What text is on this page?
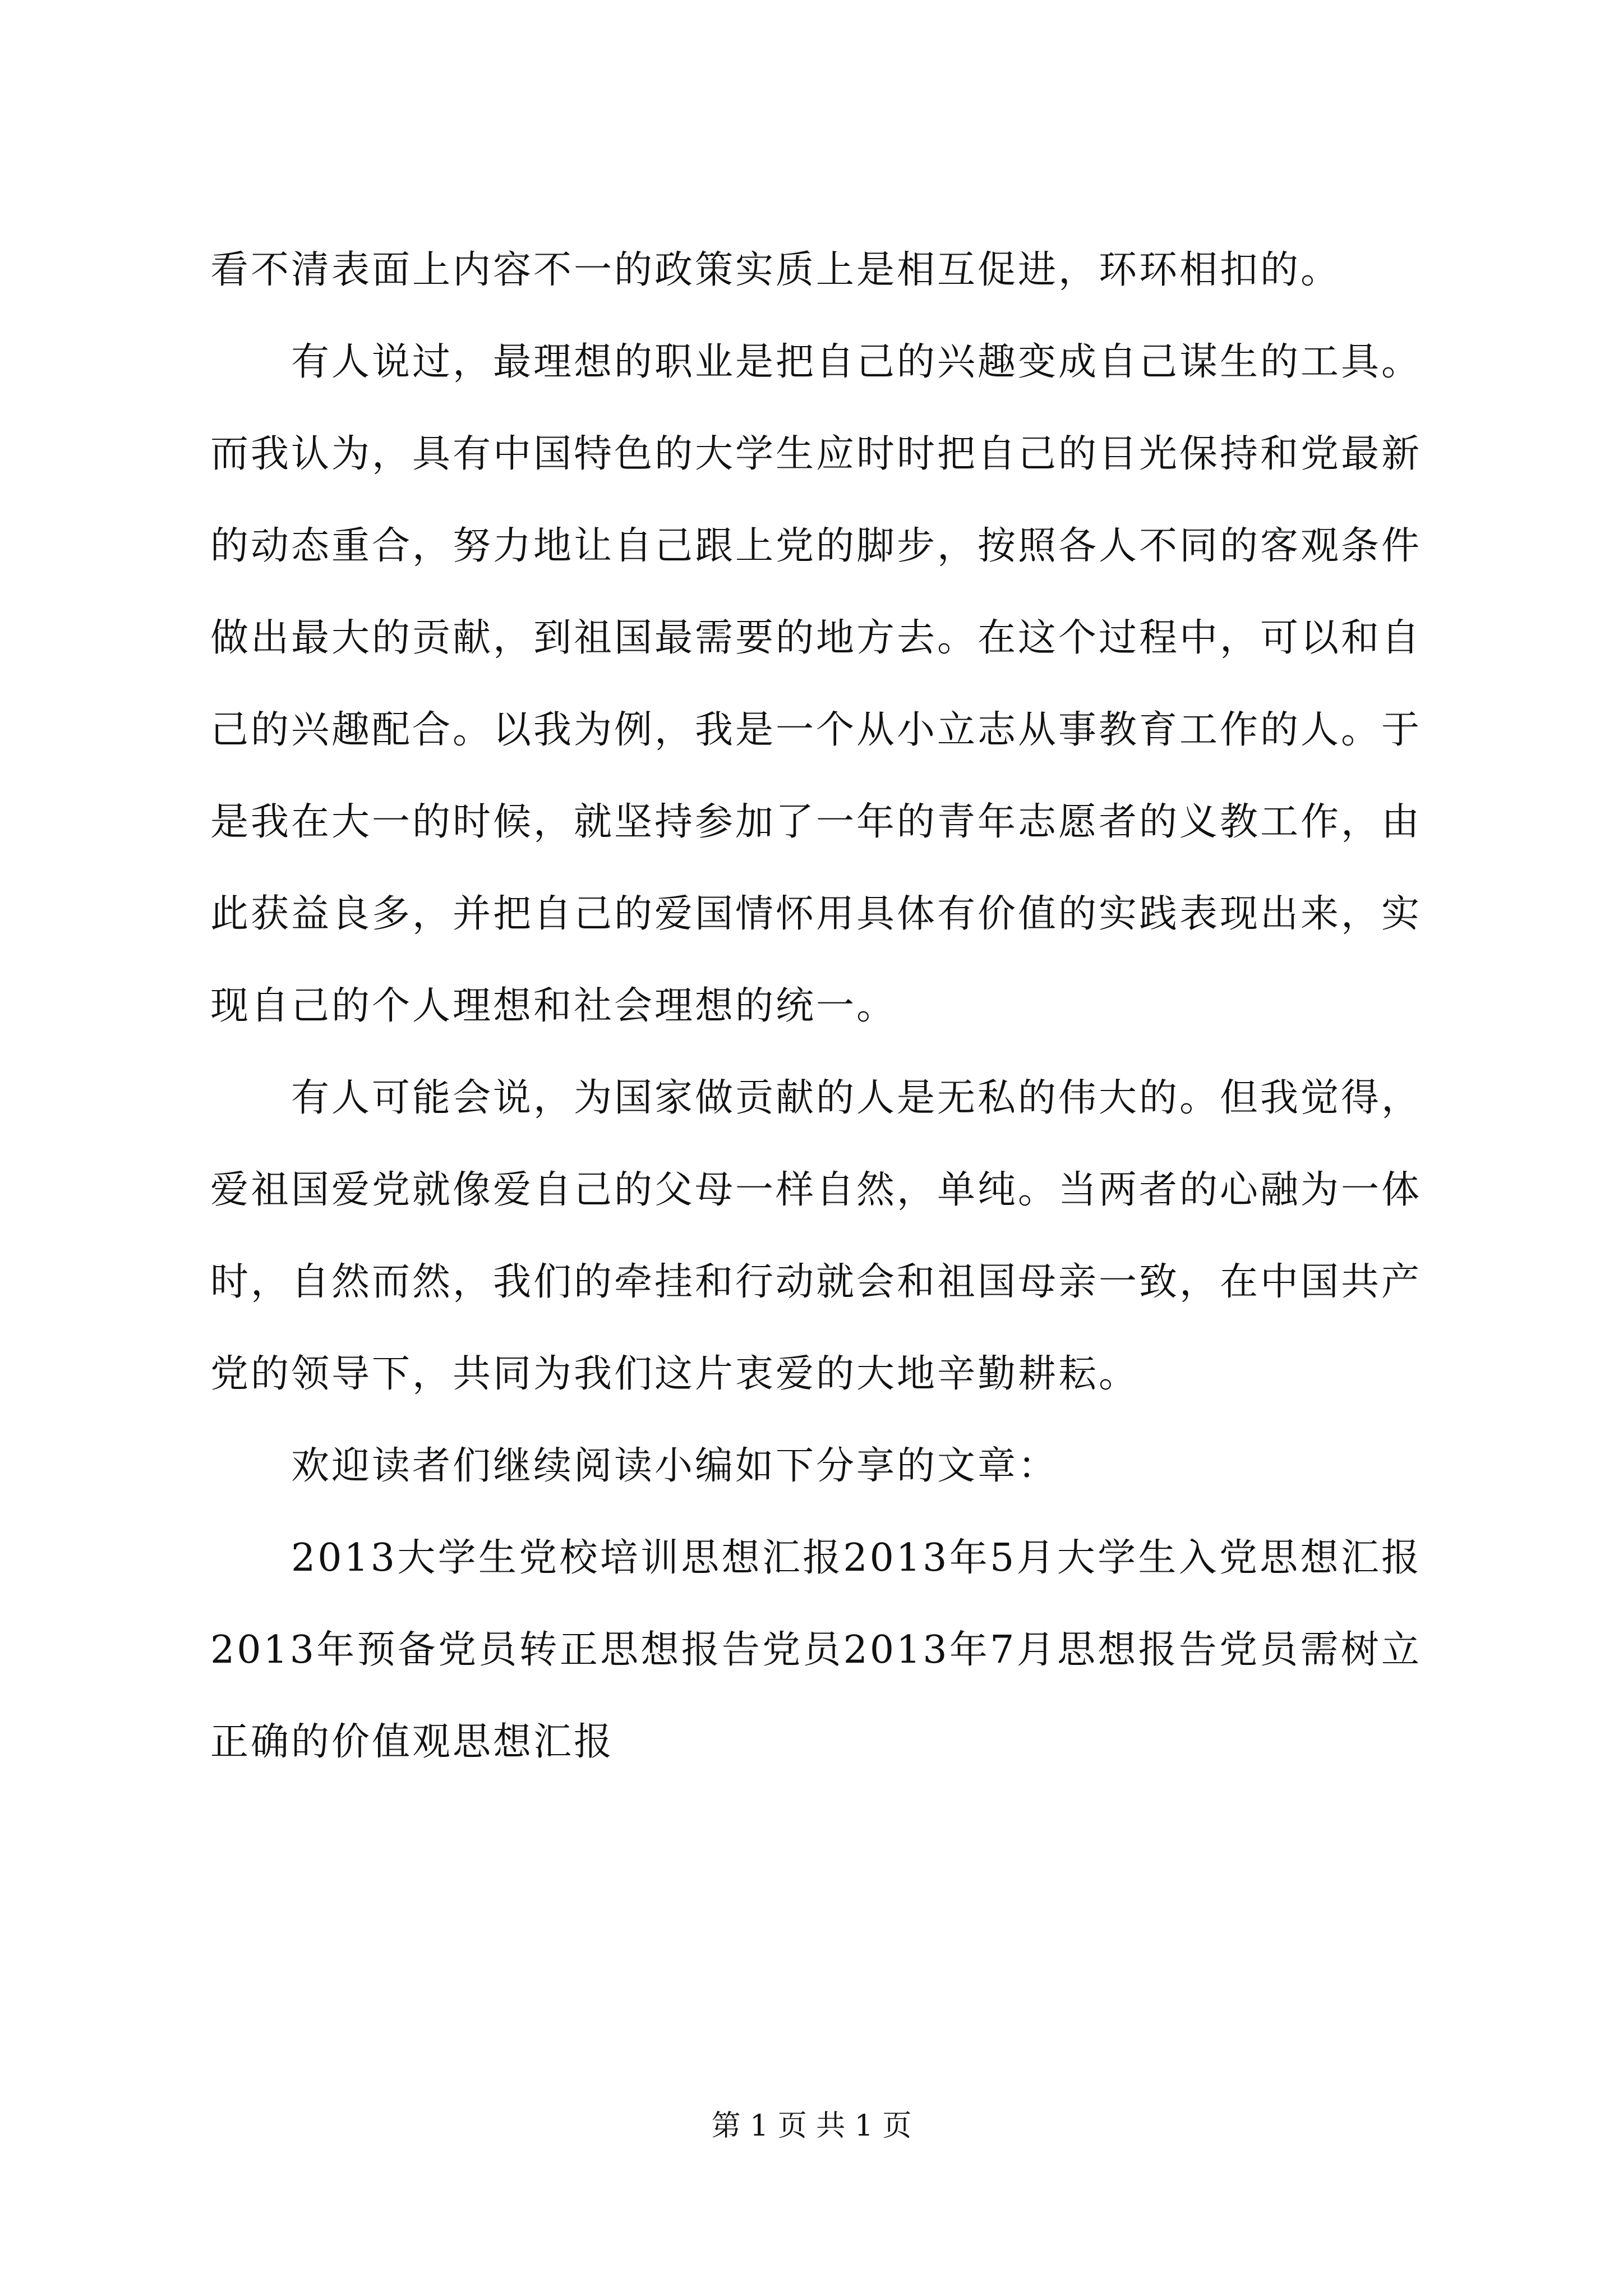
看不清表面上内容不一的政策实质上是相互促进，环环相扣的。

有人说过，最理想的职业是把自己的兴趣变成自己谋生的工具。而我认为，具有中国特色的大学生应时时把自己的目光保持和党最新的动态重合，努力地让自己跟上党的脚步，按照各人不同的客观条件做出最大的贡献，到祖国最需要的地方去。在这个过程中，可以和自己的兴趣配合。以我为例，我是一个从小立志从事教育工作的人。于是我在大一的时候，就坚持参加了一年的青年志愿者的义教工作，由此获益良多，并把自己的爱国情怀用具体有价值的实践表现出来，实现自己的个人理想和社会理想的统一。

有人可能会说，为国家做贡献的人是无私的伟大的。但我觉得，爱祖国爱党就像爱自己的父母一样自然，单纯。当两者的心融为一体时，自然而然，我们的牵挂和行动就会和祖国母亲一致，在中国共产党的领导下，共同为我们这片衷爱的大地辛勤耕耘。

欢迎读者们继续阅读小编如下分享的文章：

2013大学生党校培训思想汇报2013年5月大学生入党思想汇报2013年预备党员转正思想报告党员2013年7月思想报告党员需树立正确的价值观思想汇报

第 1 页 共 1 页
